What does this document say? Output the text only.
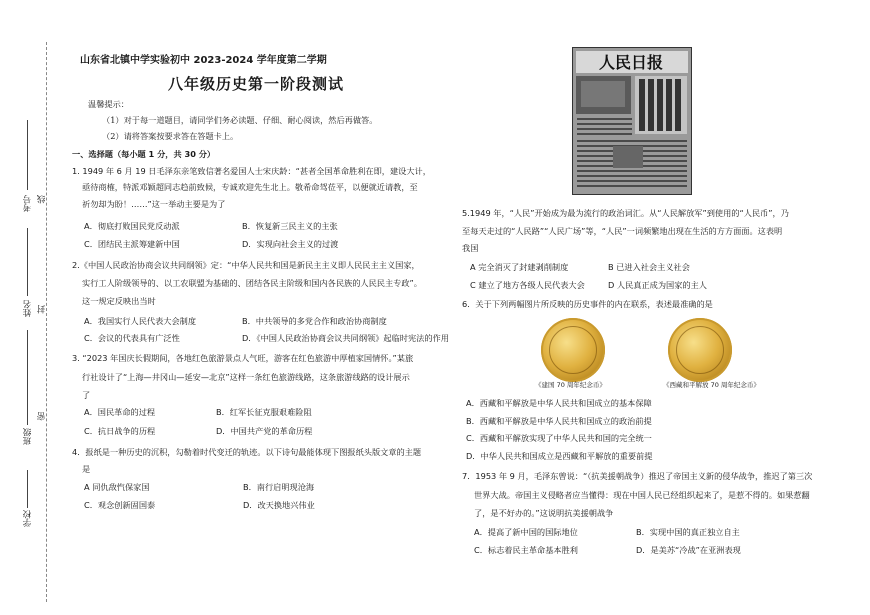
考号
姓名
班级
学校
线
封
密
山东省北镇中学实验初中 2023-2024 学年度第二学期
八年级历史第一阶段测试
温馨提示：
（1）对于每一道题目，请同学们务必读题、仔细、耐心阅读，然后再做答。
（2）请将答案按要求答在答题卡上。
一、选择题（每小题 1 分，共 30 分）
1. 1949 年 6 月 19 日毛泽东亲笔致信著名爱国人士宋庆龄：“甚者全国革命胜利在即，建设大计，
亟待商榷，特派邓颖超同志趋前致候，专诚欢迎先生北上。敬希命驾莅平，以便就近请教，至
祈勿却为盼！……”这一举动主要是为了
A．彻底打败国民党反动派	B．恢复新三民主义的主张
C．团结民主派筹建新中国	D．实现向社会主义的过渡
2.《中国人民政治协商会议共同纲领》定：“中华人民共和国是新民主主义即人民民主主义国家，
实行工人阶级领导的、以工农联盟为基础的、团结各民主阶级和国内各民族的人民民主专政”。
这一规定反映出当时
A．我国实行人民代表大会制度	B．中共领导的多党合作和政治协商制度
C．会议的代表具有广泛性	D．《中国人民政治协商会议共同纲领》起临时宪法的作用
3. “2023 年国庆长假期间，各地红色旅游景点人气旺，游客在红色旅游中厚植家国情怀。”某旅
行社设计了“上海—井冈山—延安—北京”这样一条红色旅游线路，这条旅游线路的设计展示
了
A．国民革命的过程	B．红军长征克服艰难险阻
C．抗日战争的历程	D．中国共产党的革命历程
4．报纸是一种历史的沉积，勾勒着时代变迁的轨迹。以下诗句最能体现下图报纸头版文章的主题
是
A 同仇敌忾保家国	B．南行启明现沧海
C．观念创新固国泰	D．改天换地兴伟业
人民日报
5.1949 年，“人民”开始成为最为流行的政治词汇。从“人民解放军”到使用的“人民币”，乃
至每天走过的“人民路”“人民广场”等，“人民”一词频繁地出现在生活的方方面面。这表明
我国
A 完全消灭了封建剥削制度	B 已进入社会主义社会
C 建立了地方各级人民代表大会	D 人民真正成为国家的主人
6．关于下列两幅图片所反映的历史事件的内在联系，表述最准确的是
《建国 70 周年纪念币》	《西藏和平解放 70 周年纪念币》
A．西藏和平解放是中华人民共和国成立的基本保障
B．西藏和平解放是中华人民共和国成立的政治前提
C．西藏和平解放实现了中华人民共和国的完全统一
D．中华人民共和国成立是西藏和平解放的重要前提
7．1953 年 9 月，毛泽东曾说：“（抗美援朝战争）推迟了帝国主义新的侵华战争，推迟了第三次
世界大战。帝国主义侵略者应当懂得：现在中国人民已经组织起来了，是惹不得的。如果惹翻
了，是不好办的。”这说明抗美援朝战争
A．提高了新中国的国际地位	B．实现中国的真正独立自主
C．标志着民主革命基本胜利	D．是美苏“冷战”在亚洲表现
